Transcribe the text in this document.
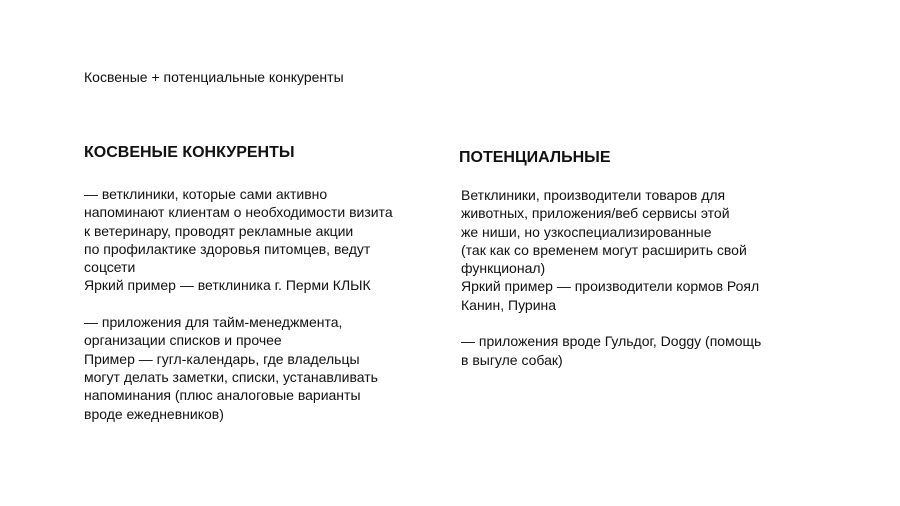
Косвеные + потенциальные конкуренты
КОСВЕНЫЕ КОНКУРЕНТЫ
— ветклиники, которые сами активно
напоминают клиентам о необходимости визита
к ветеринару, проводят рекламные акции
по профилактике здоровья питомцев, ведут
соцсети
Яркий пример — ветклиника г. Перми КЛЫК
— приложения для тайм-менеджмента,
организации списков и прочее
Пример — гугл-календарь, где владельцы
могут делать заметки, списки, устанавливать
напоминания (плюс аналоговые варианты
вроде ежедневников)
ПОТЕНЦИАЛЬНЫЕ
Ветклиники, производители товаров для
животных, приложения/веб сервисы этой
же ниши, но узкоспециализированные
(так как со временем могут расширить свой
функционал)
Яркий пример — производители кормов Роял
Канин, Пурина
— приложения вроде Гульдог, Doggy (помощь
в выгуле собак)
